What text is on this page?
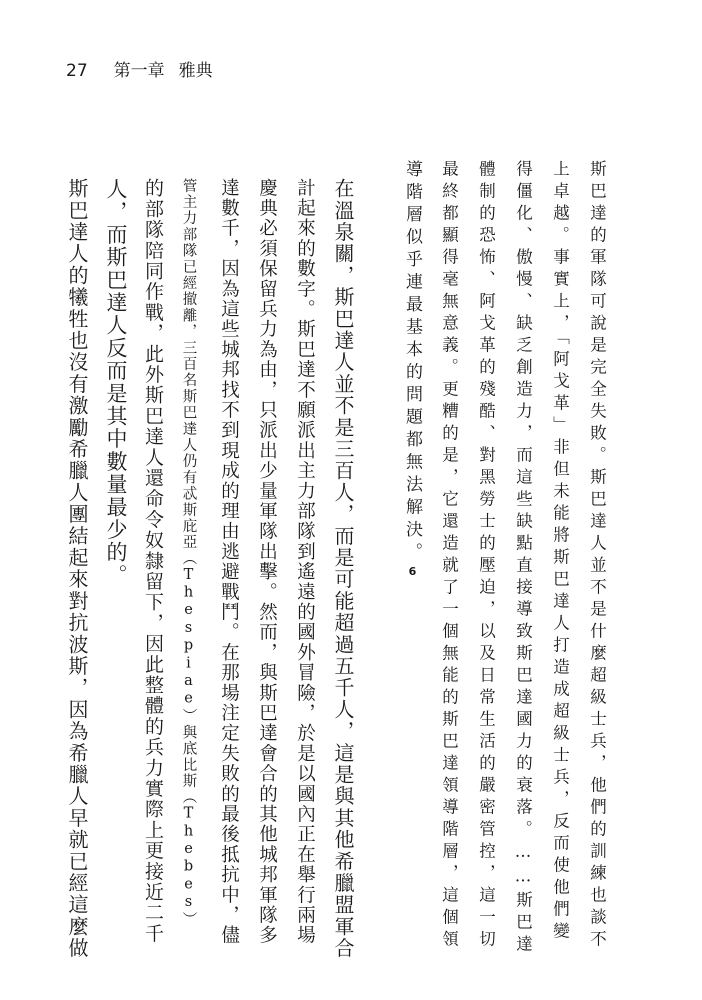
27 第一章 雅典
斯巴達的軍隊可說是完全失敗。斯巴達人並不是什麼超級士兵，他們的訓練也談不
上卓越。事實上，「阿戈革」非但未能將斯巴達人打造成超級士兵，反而使他們變
得僵化、傲慢、缺乏創造力，而這些缺點直接導致斯巴達國力的衰落。……斯巴達
體制的恐怖、阿戈革的殘酷、對黑勞士的壓迫，以及日常生活的嚴密管控，這一切
最終都顯得毫無意義。更糟的是，它還造就了一個無能的斯巴達領導階層，這個領
導階層似乎連最基本的問題都無法解決。6
在溫泉關，斯巴達人並不是三百人，而是可能超過五千人，這是與其他希臘盟軍合
計起來的數字。斯巴達不願派出主力部隊到遙遠的國外冒險，於是以國內正在舉行兩場
慶典必須保留兵力為由，只派出少量軍隊出擊。然而，與斯巴達會合的其他城邦軍隊多
達數千，因為這些城邦找不到現成的理由逃避戰鬥。在那場注定失敗的最後抵抗中，儘
管主力部隊已經撤離，三百名斯巴達人仍有忒斯庇亞（Thespiae）與底比斯（Thebes）
的部隊陪同作戰，此外斯巴達人還命令奴隸留下，因此整體的兵力實際上更接近二千
人，而斯巴達人反而是其中數量最少的。
斯巴達人的犧牲也沒有激勵希臘人團結起來對抗波斯，因為希臘人早就已經這麼做
